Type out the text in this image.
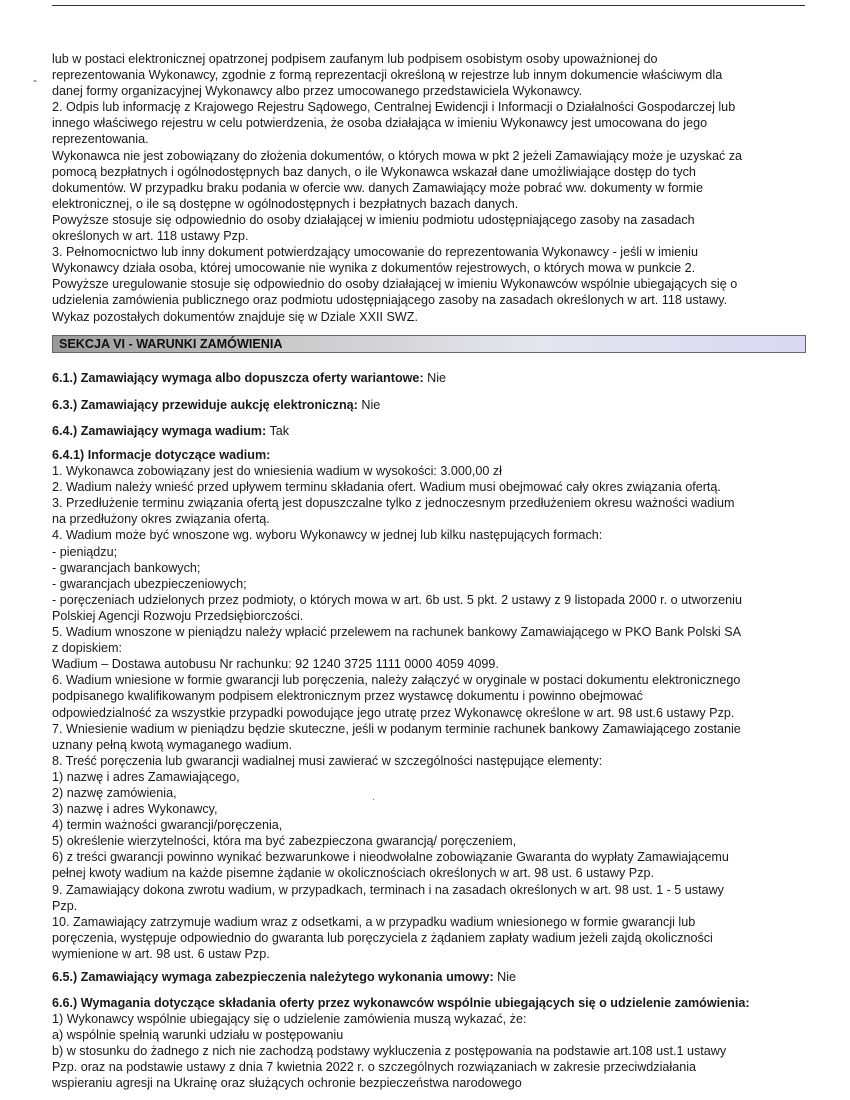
-
·
lub w postaci elektronicznej opatrzonej podpisem zaufanym lub podpisem osobistym osoby upoważnionej do
reprezentowania Wykonawcy, zgodnie z formą reprezentacji określoną w rejestrze lub innym dokumencie właściwym dla
danej formy organizacyjnej Wykonawcy albo przez umocowanego przedstawiciela Wykonawcy.
2. Odpis lub informację z Krajowego Rejestru Sądowego, Centralnej Ewidencji i Informacji o Działalności Gospodarczej lub
innego właściwego rejestru w celu potwierdzenia, że osoba działająca w imieniu Wykonawcy jest umocowana do jego
reprezentowania.
Wykonawca nie jest zobowiązany do złożenia dokumentów, o których mowa w pkt 2 jeżeli Zamawiający może je uzyskać za
pomocą bezpłatnych i ogólnodostępnych baz danych, o ile Wykonawca wskazał dane umożliwiające dostęp do tych
dokumentów. W przypadku braku podania w ofercie ww. danych Zamawiający może pobrać ww. dokumenty w formie
elektronicznej, o ile są dostępne w ogólnodostępnych i bezpłatnych bazach danych.
Powyższe stosuje się odpowiednio do osoby działającej w imieniu podmiotu udostępniającego zasoby na zasadach
określonych w art. 118 ustawy Pzp.
3. Pełnomocnictwo lub inny dokument potwierdzający umocowanie do reprezentowania Wykonawcy - jeśli w imieniu
Wykonawcy działa osoba, której umocowanie nie wynika z dokumentów rejestrowych, o których mowa w punkcie 2.
Powyższe uregulowanie stosuje się odpowiednio do osoby działającej w imieniu Wykonawców wspólnie ubiegających się o
udzielenia zamówienia publicznego oraz podmiotu udostępniającego zasoby na zasadach określonych w art. 118 ustawy.
Wykaz pozostałych dokumentów znajduje się w Dziale XXII SWZ.
SEKCJA VI - WARUNKI ZAMÓWIENIA
6.1.) Zamawiający wymaga albo dopuszcza oferty wariantowe: Nie
6.3.) Zamawiający przewiduje aukcję elektroniczną: Nie
6.4.) Zamawiający wymaga wadium: Tak
6.4.1) Informacje dotyczące wadium:
1. Wykonawca zobowiązany jest do wniesienia wadium w wysokości: 3.000,00 zł
2. Wadium należy wnieść przed upływem terminu składania ofert. Wadium musi obejmować cały okres związania ofertą.
3. Przedłużenie terminu związania ofertą jest dopuszczalne tylko z jednoczesnym przedłużeniem okresu ważności wadium
na przedłużony okres związania ofertą.
4. Wadium może być wnoszone wg. wyboru Wykonawcy w jednej lub kilku następujących formach:
- pieniądzu;
- gwarancjach bankowych;
- gwarancjach ubezpieczeniowych;
- poręczeniach udzielonych przez podmioty, o których mowa w art. 6b ust. 5 pkt. 2 ustawy z 9 listopada 2000 r. o utworzeniu
Polskiej Agencji Rozwoju Przedsiębiorczości.
5. Wadium wnoszone w pieniądzu należy wpłacić przelewem na rachunek bankowy Zamawiającego w PKO Bank Polski SA
z dopiskiem:
Wadium – Dostawa autobusu Nr rachunku: 92 1240 3725 1111 0000 4059 4099.
6. Wadium wniesione w formie gwarancji lub poręczenia, należy załączyć w oryginale w postaci dokumentu elektronicznego
podpisanego kwalifikowanym podpisem elektronicznym przez wystawcę dokumentu i powinno obejmować
odpowiedzialność za wszystkie przypadki powodujące jego utratę przez Wykonawcę określone w art. 98 ust.6 ustawy Pzp.
7. Wniesienie wadium w pieniądzu będzie skuteczne, jeśli w podanym terminie rachunek bankowy Zamawiającego zostanie
uznany pełną kwotą wymaganego wadium.
8. Treść poręczenia lub gwarancji wadialnej musi zawierać w szczególności następujące elementy:
1) nazwę i adres Zamawiającego,
2) nazwę zamówienia,
3) nazwę i adres Wykonawcy,
4) termin ważności gwarancji/poręczenia,
5) określenie wierzytelności, która ma być zabezpieczona gwarancją/ poręczeniem,
6) z treści gwarancji powinno wynikać bezwarunkowe i nieodwołalne zobowiązanie Gwaranta do wypłaty Zamawiającemu
pełnej kwoty wadium na każde pisemne żądanie w okolicznościach określonych w art. 98 ust. 6 ustawy Pzp.
9. Zamawiający dokona zwrotu wadium, w przypadkach, terminach i na zasadach określonych w art. 98 ust. 1 - 5 ustawy
Pzp.
10. Zamawiający zatrzymuje wadium wraz z odsetkami, a w przypadku wadium wniesionego w formie gwarancji lub
poręczenia, występuje odpowiednio do gwaranta lub poręczyciela z żądaniem zapłaty wadium jeżeli zajdą okoliczności
wymienione w art. 98 ust. 6 ustaw Pzp.
6.5.) Zamawiający wymaga zabezpieczenia należytego wykonania umowy: Nie
6.6.) Wymagania dotyczące składania oferty przez wykonawców wspólnie ubiegających się o udzielenie zamówienia:
1) Wykonawcy wspólnie ubiegający się o udzielenie zamówienia muszą wykazać, że:
a) wspólnie spełnią warunki udziału w postępowaniu
b) w stosunku do żadnego z nich nie zachodzą podstawy wykluczenia z postępowania na podstawie art.108 ust.1 ustawy
Pzp. oraz na podstawie ustawy z dnia 7 kwietnia 2022 r. o szczególnych rozwiązaniach w zakresie przeciwdziałania
wspieraniu agresji na Ukrainę oraz służących ochronie bezpieczeństwa narodowego
